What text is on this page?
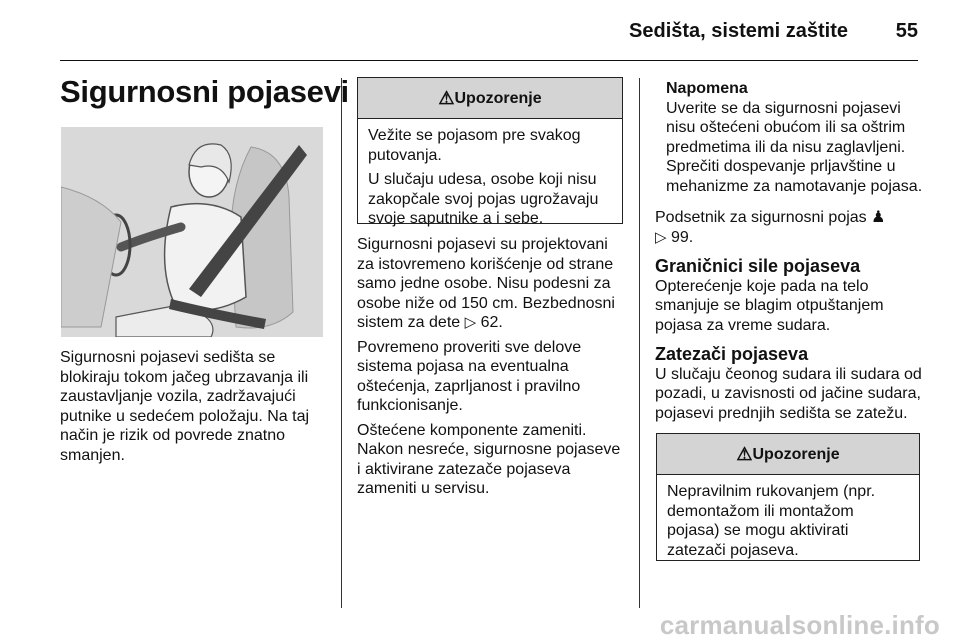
Sedišta, sistemi zaštite 55
Sigurnosni pojasevi

Sigurnosni pojasevi sedišta se blokiraju tokom jačeg ubrzavanja ili zaustavljanje vozila, zadržavajući putnike u sedećem položaju. Na taj način je rizik od povrede znatno smanjen.

⚠Upozorenje

Vežite se pojasom pre svakog putovanja.

U slučaju udesa, osobe koji nisu zakopčale svoj pojas ugrožavaju svoje saputnike a i sebe.

Sigurnosni pojasevi su projektovani za istovremeno korišćenje od strane samo jedne osobe. Nisu podesni za osobe niže od 150 cm. Bezbednosni sistem za dete ▷ 62.

Povremeno proveriti sve delove sistema pojasa na eventualna oštećenja, zaprljanost i pravilno funkcionisanje.

Oštećene komponente zameniti. Nakon nesreće, sigurnosne pojaseve i aktivirane zatezače pojaseva zameniti u servisu.

Napomena

Uverite se da sigurnosni pojasevi nisu oštećeni obućom ili sa oštrim predmetima ili da nisu zaglavljeni. Sprečiti dospevanje prljavštine u mehanizme za namotavanje pojasa.

Podsetnik za sigurnosni pojas ♟
▷ 99.

Graničnici sile pojaseva

Opterećenje koje pada na telo smanjuje se blagim otpuštanjem pojasa za vreme sudara.

Zatezači pojaseva

U slučaju čeonog sudara ili sudara od pozadi, u zavisnosti od jačine sudara, pojasevi prednjih sedišta se zatežu.

⚠Upozorenje

Nepravilnim rukovanjem (npr. demontažom ili montažom pojasa) se mogu aktivirati zatezači pojaseva.

carmanualsonline.info
